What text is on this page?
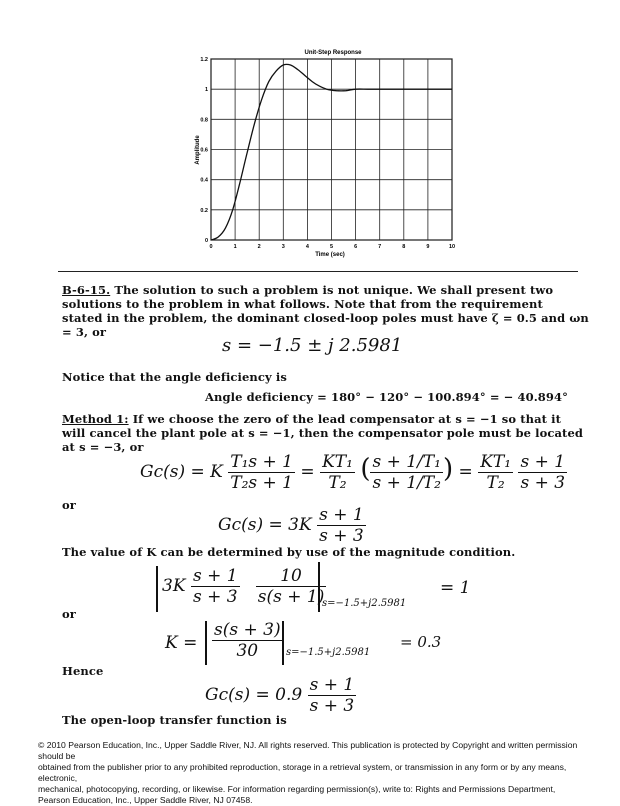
Unit-Step Response
0	1	2	3	4	5	6	7	8	9	10
0
0.2
0.4
0.6
0.8
1
1.2
Time (sec)
Amplitude
B-6-15. The solution to such a problem is not unique. We shall present two
solutions to the problem in what follows. Note that from the requirement
stated in the problem, the dominant closed-loop poles must have ζ = 0.5 and ωn
= 3, or
s = −1.5 ± j 2.5981
Notice that the angle deficiency is
Angle deficiency = 180° − 120° − 100.894° = − 40.894°
Method 1: If we choose the zero of the lead compensator at s = −1 so that it
will cancel the plant pole at s = −1, then the compensator pole must be located
at s = −3, or
Gc(s) = K $\frac{\text{T₁s + 1}}{\text{T₂s + 1}} = \frac{\text{KT₁}}{\text{T₂}}$ ( $\frac{\text{s + 1/T₁}}{\text{s + 1/T₂}}$ ) = $\frac{\text{KT₁}}{\text{T₂}}$
$\frac{s + 1}{s + 3}$
or
$Gc(s) = 3K \frac{s + 1}{s + 3}$
The value of K can be determined by use of the magnitude condition.
$3K \frac{s + 1}{s + 3}$
$\frac{10}{s(s + 1)}$
s=−1.5+j2.5981
= 1
or
$K = \frac{s(s + 3)}{30} s=-1.5+j2.5981$
= 0.3
Hence
$Gc(s) = 0.9 \frac{s + 1}{s + 3}$
The open-loop transfer function is
© 2010 Pearson Education, Inc., Upper Saddle River, NJ. All rights reserved. This publication is protected by Copyright and written permission should be
obtained from the publisher prior to any prohibited reproduction, storage in a retrieval system, or transmission in any form or by any means, electronic,
mechanical, photocopying, recording, or likewise. For information regarding permission(s), write to: Rights and Permissions Department,
Pearson Education, Inc., Upper Saddle River, NJ 07458.
